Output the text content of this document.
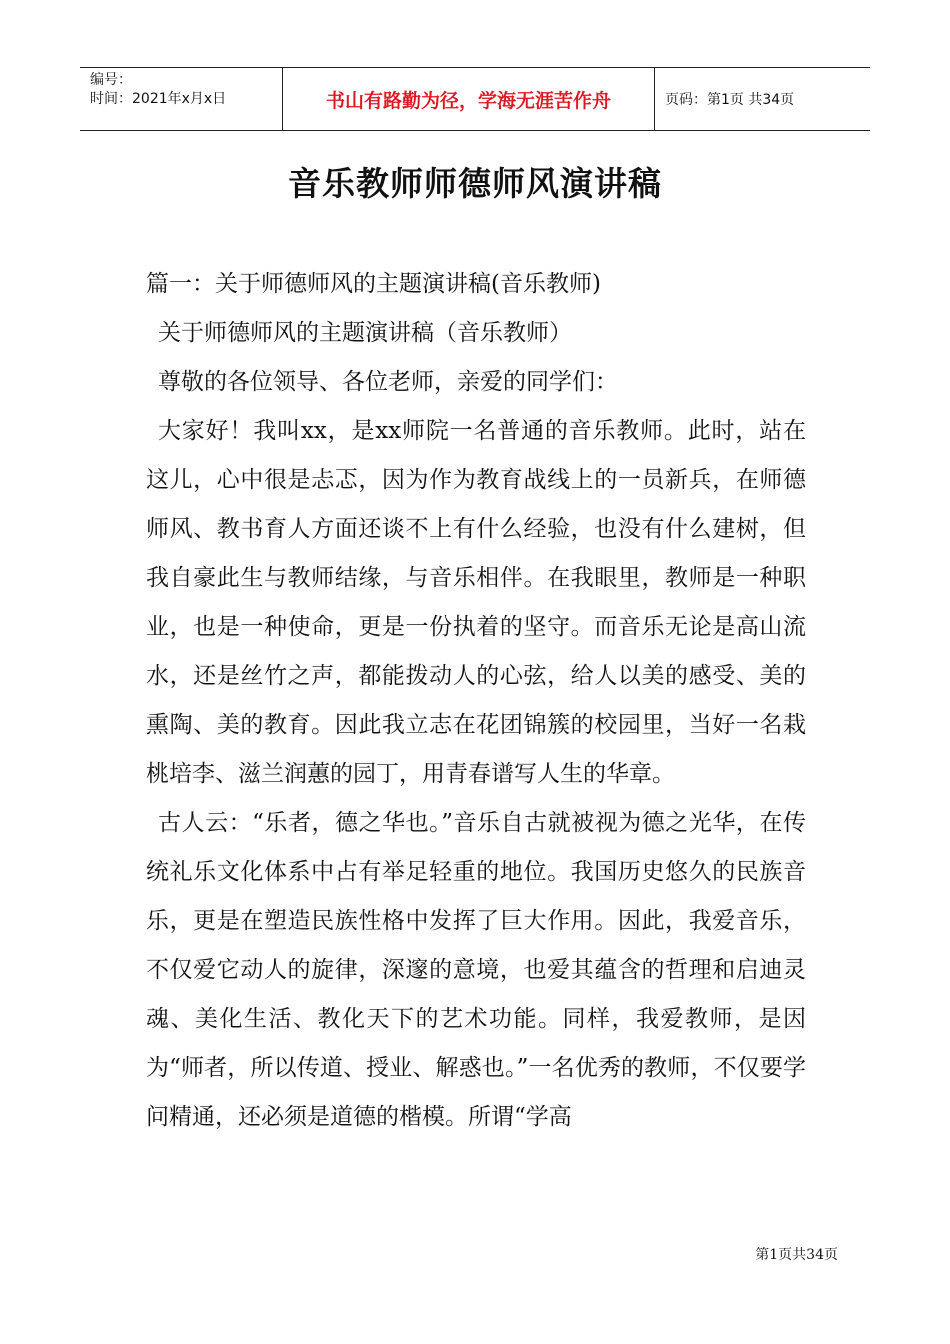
编号：
时间：2021年x月x日	书山有路勤为径，学海无涯苦作舟	页码：第1页 共34页
音乐教师师德师风演讲稿

篇一：关于师德师风的主题演讲稿(音乐教师)

关于师德师风的主题演讲稿（音乐教师）

尊敬的各位领导、各位老师，亲爱的同学们：

大家好！我叫xx，是xx师院一名普通的音乐教师。此时，站在这儿，心中很是忐忑，因为作为教育战线上的一员新兵，在师德师风、教书育人方面还谈不上有什么经验，也没有什么建树，但我自豪此生与教师结缘，与音乐相伴。在我眼里，教师是一种职业，也是一种使命，更是一份执着的坚守。而音乐无论是高山流水，还是丝竹之声，都能拨动人的心弦，给人以美的感受、美的熏陶、美的教育。因此我立志在花团锦簇的校园里，当好一名栽桃培李、滋兰润蕙的园丁，用青春谱写人生的华章。

古人云：“乐者，德之华也。”音乐自古就被视为德之光华，在传统礼乐文化体系中占有举足轻重的地位。我国历史悠久的民族音乐，更是在塑造民族性格中发挥了巨大作用。因此，我爱音乐，不仅爱它动人的旋律，深邃的意境，也爱其蕴含的哲理和启迪灵魂、美化生活、教化天下的艺术功能。同样，我爱教师，是因为“师者，所以传道、授业、解惑也。”一名优秀的教师，不仅要学问精通，还必须是道德的楷模。所谓“学高

第1页共34页
